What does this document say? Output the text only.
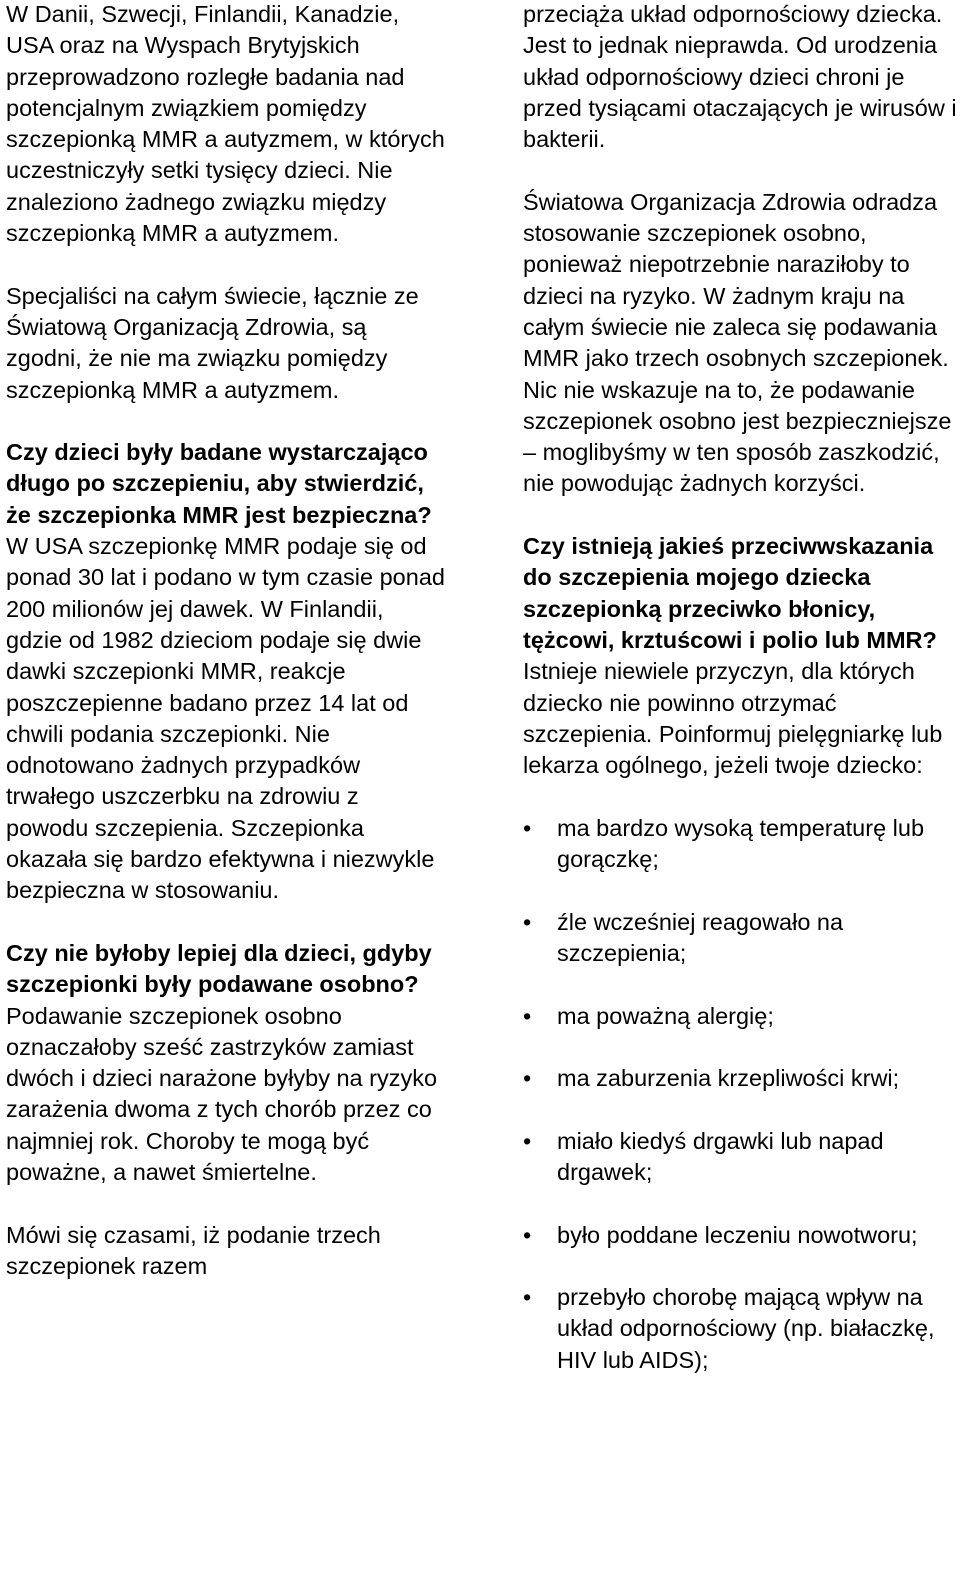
W Danii, Szwecji, Finlandii, Kanadzie, USA oraz na Wyspach Brytyjskich przeprowadzono rozległe badania nad potencjalnym związkiem pomiędzy szczepionką MMR a autyzmem, w których uczestniczyły setki tysięcy dzieci. Nie znaleziono żadnego związku między szczepionką MMR a autyzmem.

Specjaliści na całym świecie, łącznie ze Światową Organizacją Zdrowia, są zgodni, że nie ma związku pomiędzy szczepionką MMR a autyzmem.

Czy dzieci były badane wystarczająco długo po szczepieniu, aby stwierdzić, że szczepionka MMR jest bezpieczna?

W USA szczepionkę MMR podaje się od ponad 30 lat i podano w tym czasie ponad 200 milionów jej dawek. W Finlandii, gdzie od 1982 dzieciom podaje się dwie dawki szczepionki MMR, reakcje poszczepienne badano przez 14 lat od chwili podania szczepionki. Nie odnotowano żadnych przypadków trwałego uszczerbku na zdrowiu z powodu szczepienia. Szczepionka okazała się bardzo efektywna i niezwykle bezpieczna w stosowaniu.

Czy nie byłoby lepiej dla dzieci, gdyby szczepionki były podawane osobno?

Podawanie szczepionek osobno oznaczałoby sześć zastrzyków zamiast dwóch i dzieci narażone byłyby na ryzyko zarażenia dwoma z tych chorób przez co najmniej rok. Choroby te mogą być poważne, a nawet śmiertelne.

Mówi się czasami, iż podanie trzech szczepionek razem

przeciąża układ odpornościowy dziecka. Jest to jednak nieprawda. Od urodzenia układ odpornościowy dzieci chroni je przed tysiącami otaczających je wirusów i bakterii.

Światowa Organizacja Zdrowia odradza stosowanie szczepionek osobno, ponieważ niepotrzebnie naraziłoby to dzieci na ryzyko. W żadnym kraju na całym świecie nie zaleca się podawania MMR jako trzech osobnych szczepionek. Nic nie wskazuje na to, że podawanie szczepionek osobno jest bezpieczniejsze – moglibyśmy w ten sposób zaszkodzić, nie powodując żadnych korzyści.

Czy istnieją jakieś przeciwwskazania do szczepienia mojego dziecka szczepionką przeciwko błonicy, tężcowi, krztuścowi i polio lub MMR?

Istnieje niewiele przyczyn, dla których dziecko nie powinno otrzymać szczepienia. Poinformuj pielęgniarkę lub lekarza ogólnego, jeżeli twoje dziecko:

• ma bardzo wysoką temperaturę lub gorączkę;
• źle wcześniej reagowało na szczepienia;
• ma poważną alergię;
• ma zaburzenia krzepliwości krwi;
• miało kiedyś drgawki lub napad drgawek;
• było poddane leczeniu nowotworu;
• przebyło chorobę mającą wpływ na układ odpornościowy (np. białaczkę, HIV lub AIDS);
